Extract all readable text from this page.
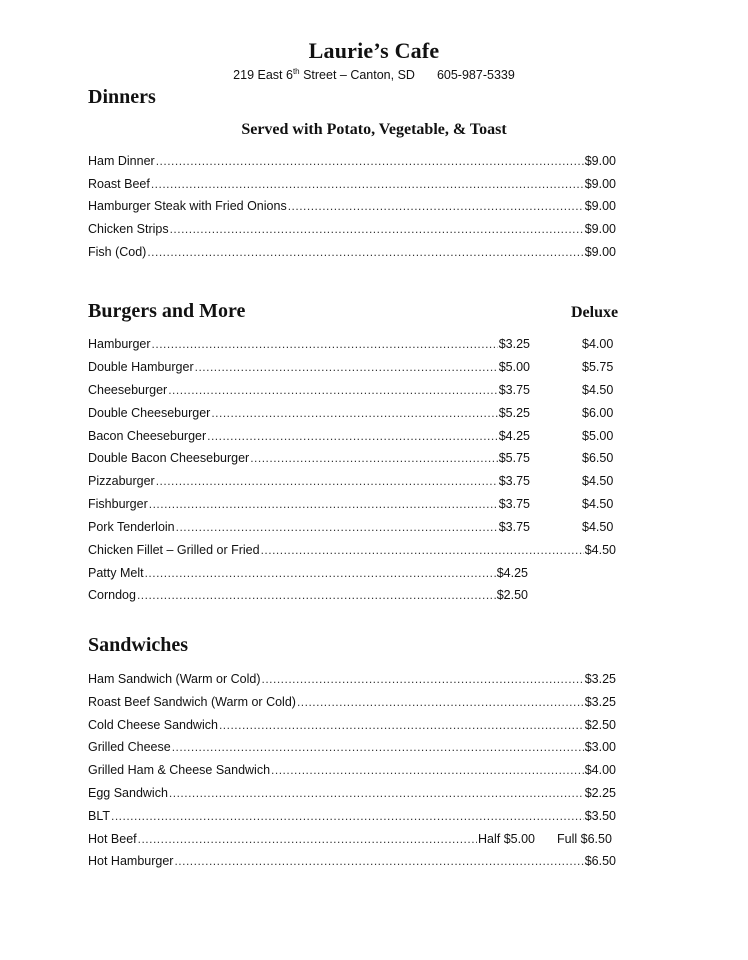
Laurie’s Cafe
219 East 6th Street – Canton, SD 605-987-5339
Dinners
Served with Potato, Vegetable, & Toast
Ham Dinner .....	$9.00
Roast Beef .....	$9.00
Hamburger Steak with Fried Onions .....	$9.00
Chicken Strips .....	$9.00
Fish (Cod) .....	$9.00
Burgers and More	Deluxe
Hamburger .....	$3.25	$4.00
Double Hamburger .....	$5.00	$5.75
Cheeseburger .....	$3.75	$4.50
Double Cheeseburger .....	$5.25	$6.00
Bacon Cheeseburger .....	$4.25	$5.00
Double Bacon Cheeseburger .....	$5.75	$6.50
Pizzaburger .....	$3.75	$4.50
Fishburger .....	$3.75	$4.50
Pork Tenderloin .....	$3.75	$4.50
Chicken Fillet – Grilled or Fried .....	$4.50
Patty Melt .....	$4.25
Corndog .....	$2.50
Sandwiches
Ham Sandwich (Warm or Cold) .....	$3.25
Roast Beef Sandwich (Warm or Cold) .....	$3.25
Cold Cheese Sandwich .....	$2.50
Grilled Cheese .....	$3.00
Grilled Ham & Cheese Sandwich .....	$4.00
Egg Sandwich .....	$2.25
BLT .....	$3.50
Hot Beef .....	Half $5.00 Full $6.50
Hot Hamburger .....	$6.50
